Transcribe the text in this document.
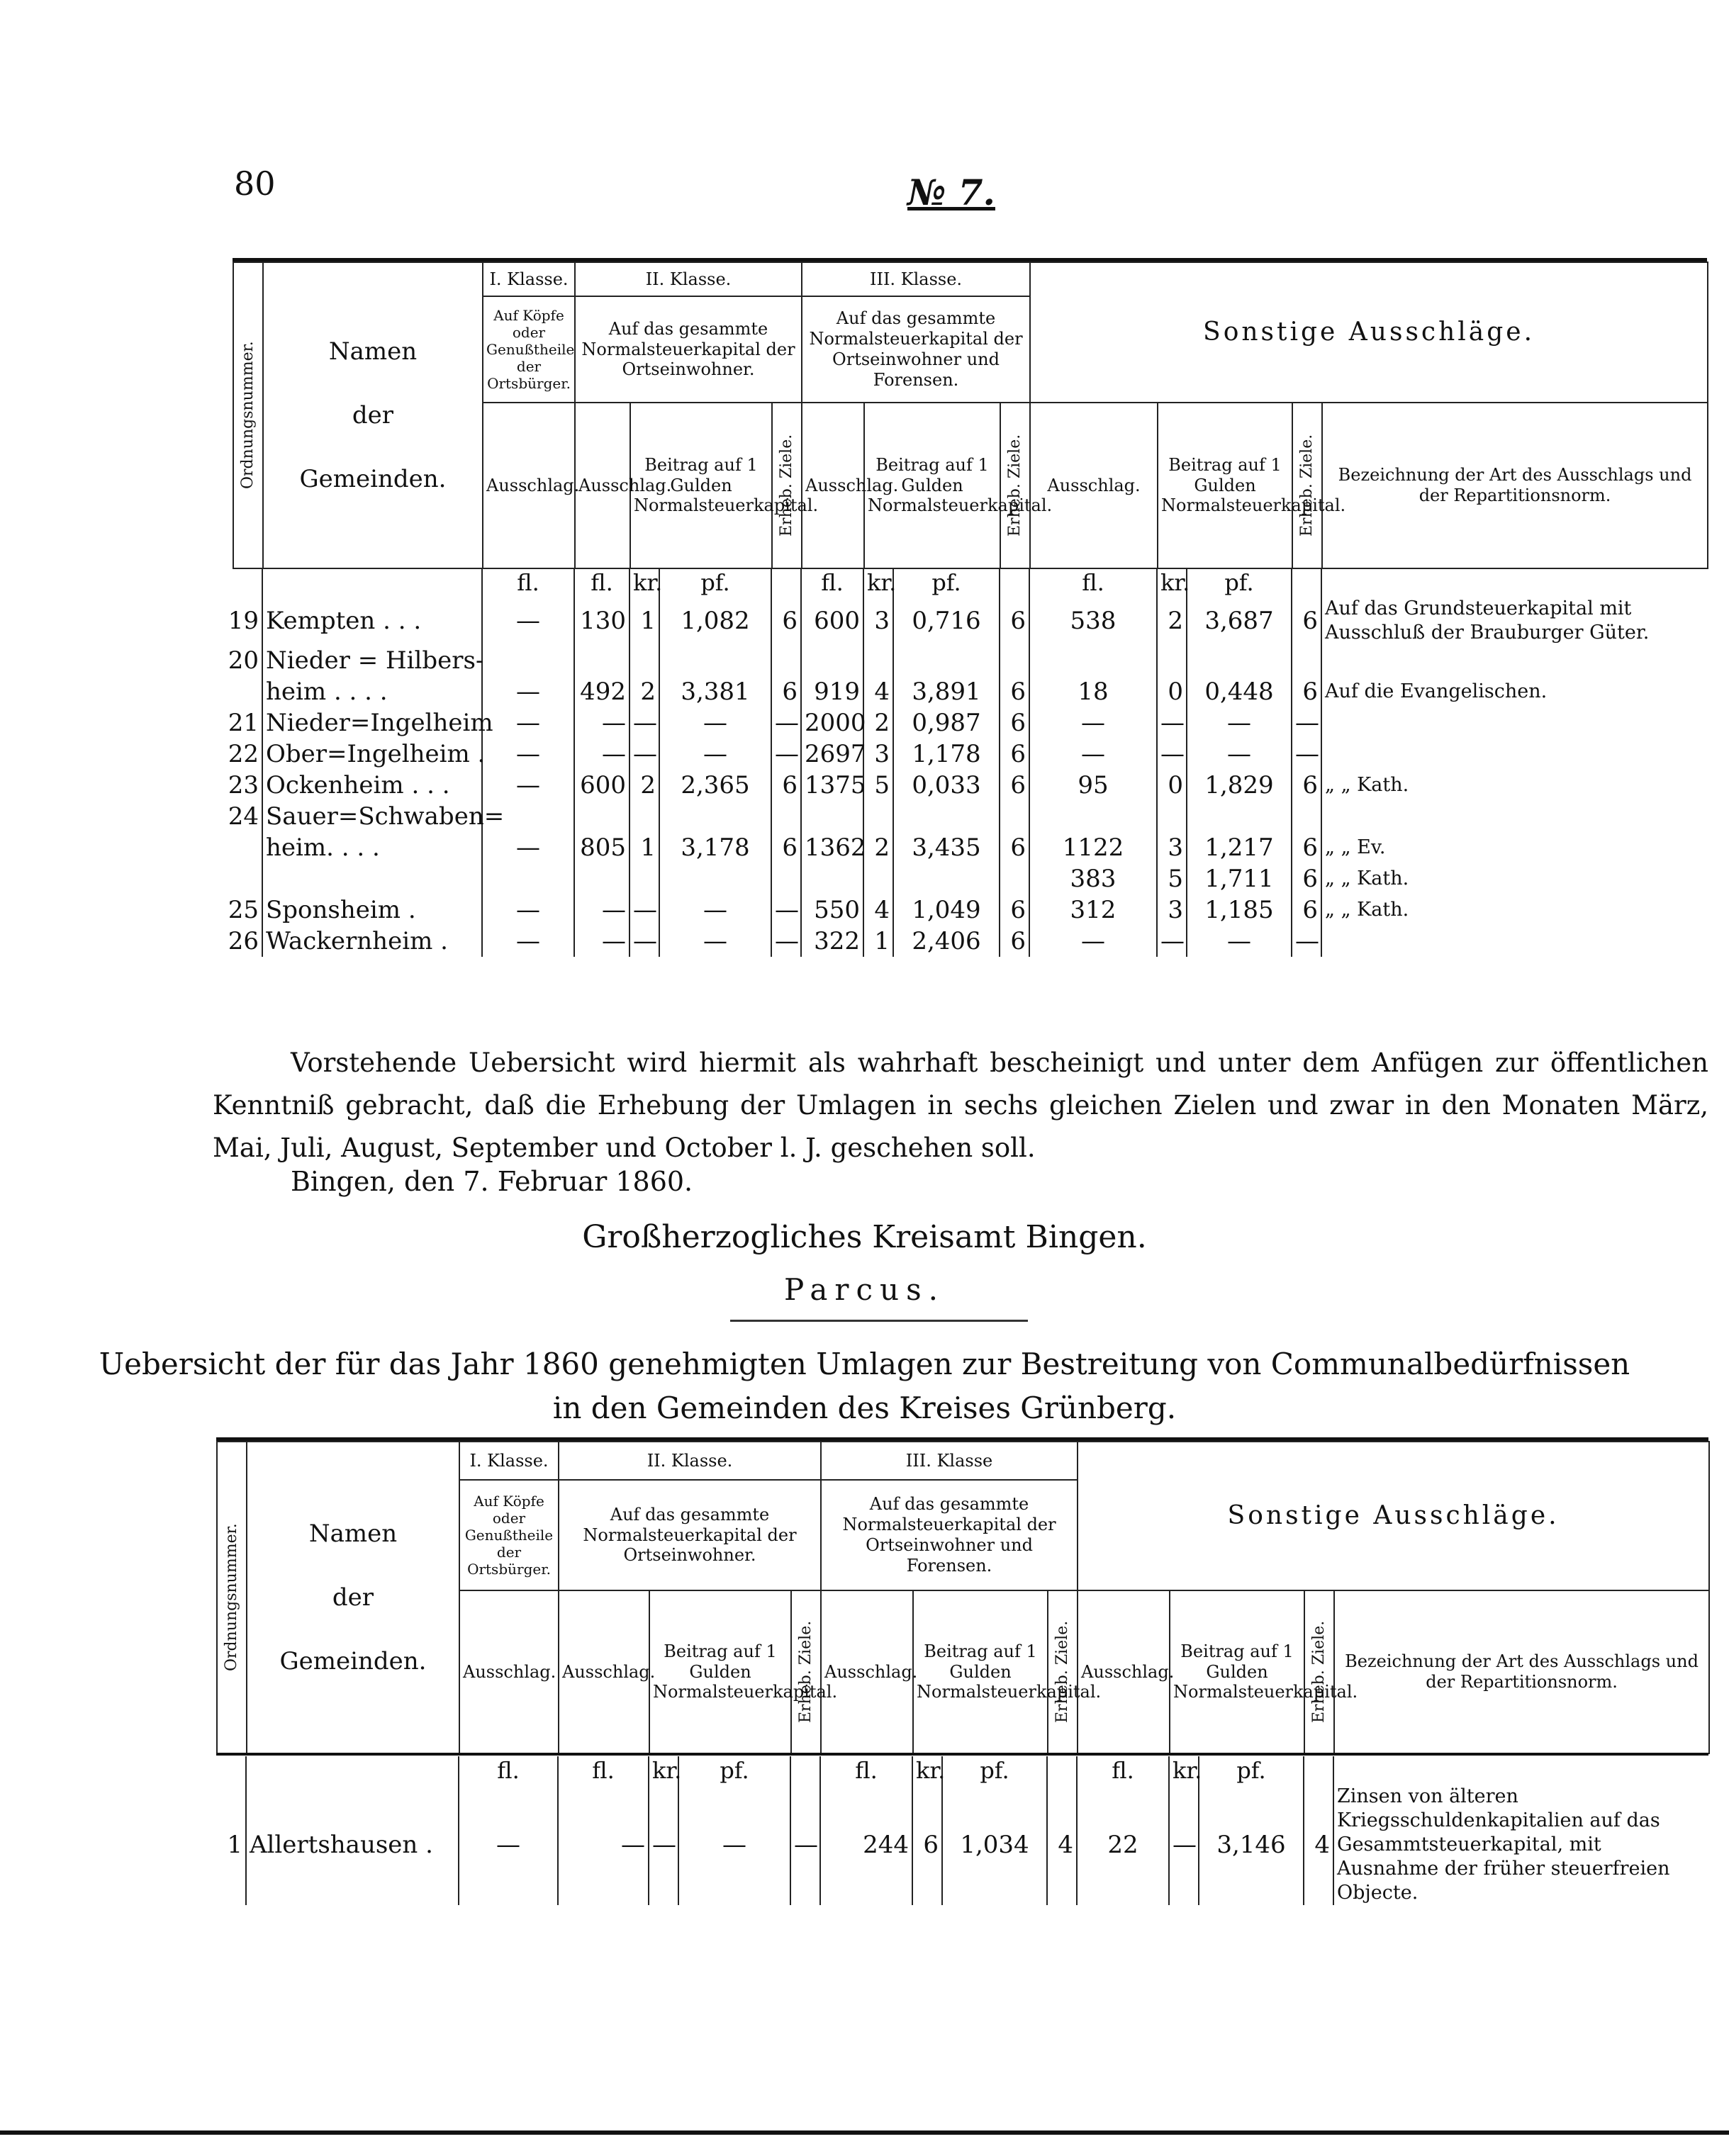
80	№ 7.
Ordnungsnummer.	Namen
der
Gemeinden.	I. Klasse.	II. Klasse.			III. Klasse.			Sonstige Ausschläge.			
		Auf Köpfe oder Genußtheile der Ortsbürger.	Auf das gesammte Normalsteuerkapital der Ortseinwohner.			Auf das gesammte Normalsteuerkapital der Ortseinwohner und Forensen.						
		Ausschlag.	Ausschlag.	Beitrag auf 1 Gulden Normalsteuerkapital.	Erheb. Ziele.	Ausschlag.	Beitrag auf 1 Gulden Normalsteuerkapital.	Erheb. Ziele.	Ausschlag.	Beitrag auf 1 Gulden Normalsteuerkapital.	Erheb. Ziele.	Bezeichnung der Art des Ausschlags und der Repartitionsnorm.
		fl.	fl.	kr.	pf.		fl.	kr.	pf.		fl.	kr.	pf.		
19	Kempten . . .	—	130	1	1,082	6	600	3	0,716	6	538	2	3,687	6	Auf das Grundsteuerkapital mit Ausschluß der Brauburger Güter.
20	Nieder = Hilbers-														
	heim . . . .	—	492	2	3,381	6	919	4	3,891	6	18	0	0,448	6	Auf die Evangelischen.
21	Nieder=Ingelheim	—	—	—	—	—	2000	2	0,987	6	—	—	—	—	
22	Ober=Ingelheim .	—	—	—	—	—	2697	3	1,178	6	—	—	—	—	
23	Ockenheim . . .	—	600	2	2,365	6	1375	5	0,033	6	95	0	1,829	6	„ „ Kath.
24	Sauer=Schwaben=														
	heim. . . .	—	805	1	3,178	6	1362	2	3,435	6	1122	3	1,217	6	„ „ Ev.
											383	5	1,711	6	„ „ Kath.
25	Sponsheim .	—	—	—	—	—	550	4	1,049	6	312	3	1,185	6	„ „ Kath.
26	Wackernheim .	—	—	—	—	—	322	1	2,406	6	—	—	—	—	
Vorstehende Uebersicht wird hiermit als wahrhaft bescheinigt und unter dem Anfügen zur öffentlichen Kenntniß gebracht, daß die Erhebung der Umlagen in sechs gleichen Zielen und zwar in den Monaten März, Mai, Juli, August, September und October l. J. geschehen soll.
Bingen, den 7. Februar 1860.
Großherzogliches Kreisamt Bingen.
Parcus.
Uebersicht der für das Jahr 1860 genehmigten Umlagen zur Bestreitung von Communalbedürfnissen
in den Gemeinden des Kreises Grünberg.
Ordnungsnummer.	Namen
der
Gemeinden.	I. Klasse.	II. Klasse.			III. Klasse			Sonstige Ausschläge.			
		Auf Köpfe oder Genußtheile der Ortsbürger.	Auf das gesammte Normalsteuerkapital der Ortseinwohner.			Auf das gesammte Normalsteuerkapital der Ortseinwohner und Forensen.						
		Ausschlag.	Ausschlag.	Beitrag auf 1 Gulden Normalsteuerkapital.	Erheb. Ziele.	Ausschlag.	Beitrag auf 1 Gulden Normalsteuerkapital.	Erheb. Ziele.	Ausschlag.	Beitrag auf 1 Gulden Normalsteuerkapital.	Erheb. Ziele.	Bezeichnung der Art des Ausschlags und der Repartitionsnorm.
		fl.	fl.	kr.	pf.		fl.	kr.	pf.		fl.	kr.	pf.		
1	Allertshausen .	—	—	—	—	—	244	6	1,034	4	22	—	3,146	4	Zinsen von älteren Kriegsschuldenkapitalien auf das Gesammtsteuerkapital, mit Ausnahme der früher steuerfreien Objecte.
